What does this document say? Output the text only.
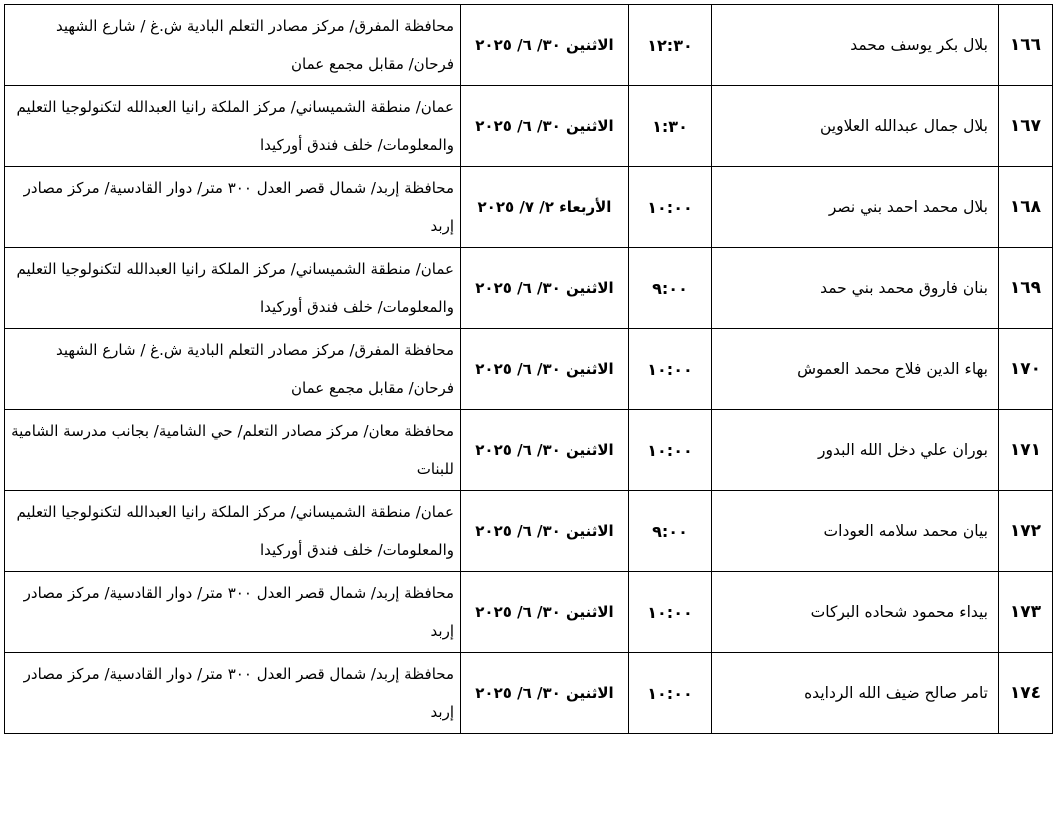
١٦٦	بلال بكر يوسف محمد	١٢:٣٠	الاثنين ٣٠/ ٦/ ٢٠٢٥	محافظة المفرق/ مركز مصادر التعلم البادية ش.غ / شارع الشهيد فرحان/ مقابل مجمع عمان
١٦٧	بلال جمال عبدالله العلاوين	١:٣٠	الاثنين ٣٠/ ٦/ ٢٠٢٥	عمان/ منطقة الشميساني/ مركز الملكة رانيا العبدالله لتكنولوجيا التعليم والمعلومات/ خلف فندق أوركيدا
١٦٨	بلال محمد احمد بني نصر	١٠:٠٠	الأربعاء ٢/ ٧/ ٢٠٢٥	محافظة إربد/ شمال قصر العدل ٣٠٠ متر/ دوار القادسية/ مركز مصادر إربد
١٦٩	بنان فاروق محمد بني حمد	٩:٠٠	الاثنين ٣٠/ ٦/ ٢٠٢٥	عمان/ منطقة الشميساني/ مركز الملكة رانيا العبدالله لتكنولوجيا التعليم والمعلومات/ خلف فندق أوركيدا
١٧٠	بهاء الدين فلاح محمد العموش	١٠:٠٠	الاثنين ٣٠/ ٦/ ٢٠٢٥	محافظة المفرق/ مركز مصادر التعلم البادية ش.غ / شارع الشهيد فرحان/ مقابل مجمع عمان
١٧١	بوران علي دخل الله البدور	١٠:٠٠	الاثنين ٣٠/ ٦/ ٢٠٢٥	محافظة معان/ مركز مصادر التعلم/ حي الشامية/ بجانب مدرسة الشامية للبنات
١٧٢	بيان محمد سلامه العودات	٩:٠٠	الاثنين ٣٠/ ٦/ ٢٠٢٥	عمان/ منطقة الشميساني/ مركز الملكة رانيا العبدالله لتكنولوجيا التعليم والمعلومات/ خلف فندق أوركيدا
١٧٣	بيداء محمود شحاده البركات	١٠:٠٠	الاثنين ٣٠/ ٦/ ٢٠٢٥	محافظة إربد/ شمال قصر العدل ٣٠٠ متر/ دوار القادسية/ مركز مصادر إربد
١٧٤	تامر صالح ضيف الله الردايده	١٠:٠٠	الاثنين ٣٠/ ٦/ ٢٠٢٥	محافظة إربد/ شمال قصر العدل ٣٠٠ متر/ دوار القادسية/ مركز مصادر إربد
